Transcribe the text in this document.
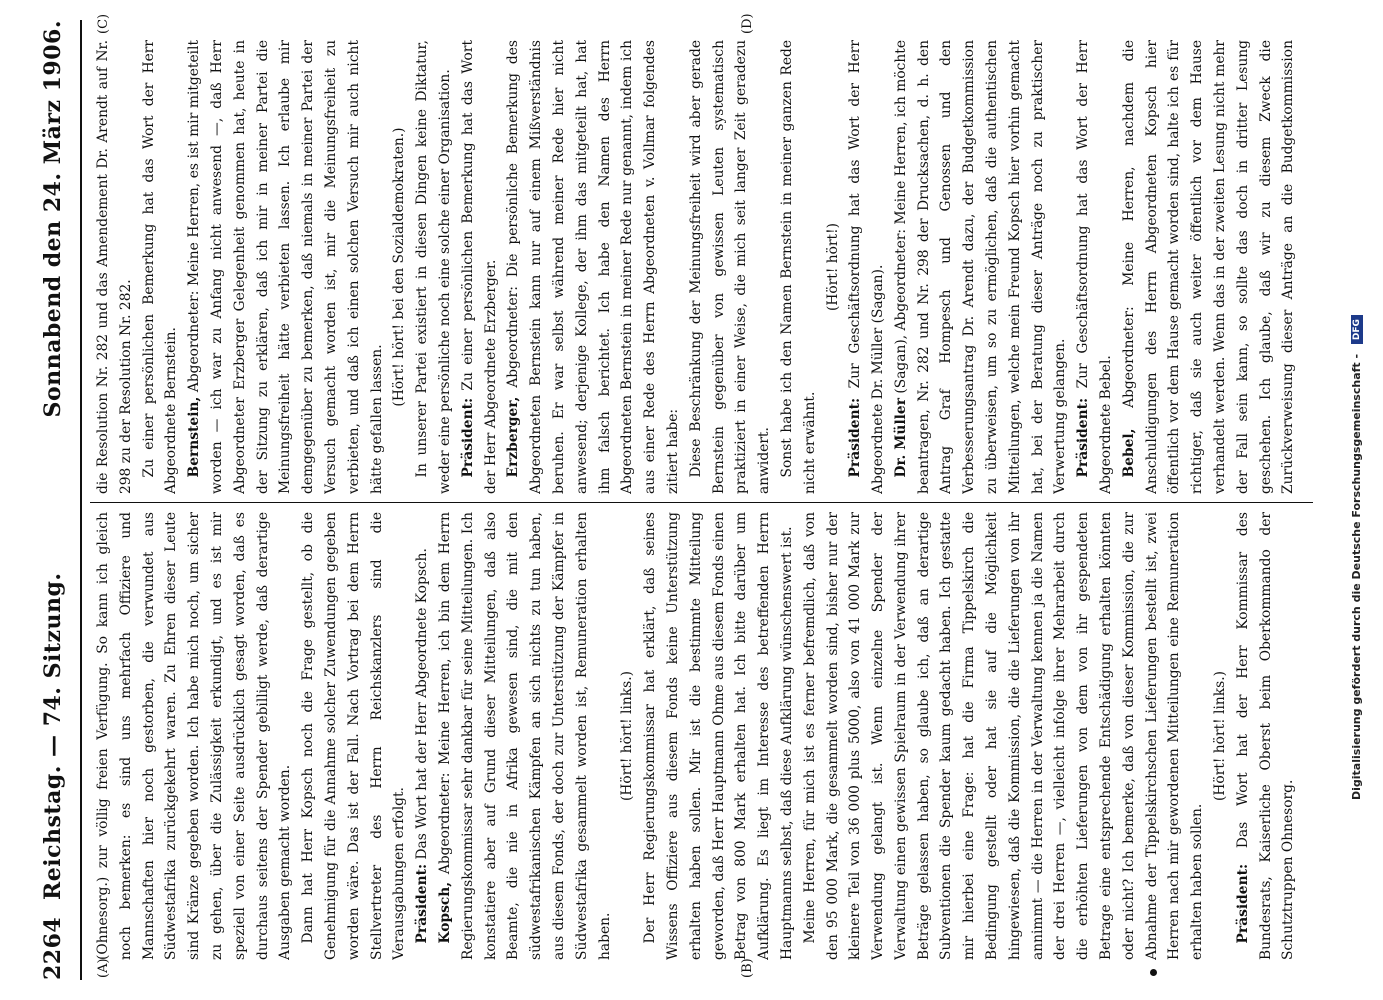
2264
Reichstag. — 74. Sitzung.
Sonnabend den 24. März 1906.
(A)	(B)
(C)	(D)

(Ohnesorg.) zur völlig freien Verfügung. So kann ich gleich noch bemerken: es sind uns mehrfach Offiziere und Mannschaften hier noch gestorben, die verwundet aus Südwestafrika zurückgekehrt waren. Zu Ehren dieser Leute sind Kränze gegeben worden. Ich habe mich noch, um sicher zu gehen, über die Zulässigkeit erkundigt, und es ist mir speziell von einer Seite ausdrücklich gesagt worden, daß es durchaus seitens der Spender gebilligt werde, daß derartige Ausgaben gemacht worden. Dann hat Herr Kopsch noch die Frage gestellt, ob die Genehmigung für die Annahme solcher Zuwendungen gegeben worden wäre. Das ist der Fall. Nach Vortrag bei dem Herrn Stellvertreter des Herrn Reichskanzlers sind die Verausgabungen erfolgt. Präsident: Das Wort hat der Herr Abgeordnete Kopsch.

Kopsch, Abgeordneter: Meine Herren, ich bin dem Herrn Regierungskommissar sehr dankbar für seine Mitteilungen. Ich konstatiere aber auf Grund dieser Mitteilungen, daß also Beamte, die nie in Afrika gewesen sind, die mit den südwestafrikanischen Kämpfen an sich nichts zu tun haben, aus diesem Fonds, der doch zur Unterstützung der Kämpfer in Südwestafrika gesammelt worden ist, Remuneration erhalten haben.

(Hört! hört! links.) Der Herr Regierungskommissar hat erklärt, daß seines Wissens Offiziere aus diesem Fonds keine Unterstützung erhalten haben sollen. Mir ist die bestimmte Mitteilung geworden, daß Herr Hauptmann Ohme aus diesem Fonds einen Betrag von 800 Mark erhalten hat. Ich bitte darüber um Aufklärung. Es liegt im Interesse des betreffenden Herrn Hauptmanns selbst, daß diese Aufklärung wünschenswert ist. Meine Herren, für mich ist es ferner befremdlich, daß von den 95 000 Mark, die gesammelt worden sind, bisher nur der kleinere Teil von 36 000 plus 5000, also von 41 000 Mark zur Verwendung gelangt ist. Wenn einzelne Spender der Verwaltung einen gewissen Spielraum in der Verwendung ihrer Beträge gelassen haben, so glaube ich, daß an derartige Subventionen die Spender kaum gedacht haben. Ich gestatte mir hierbei eine Frage: hat die Firma Tippelskirch die Bedingung gestellt oder hat sie auf die Möglichkeit hingewiesen, daß die Kommission, die die Lieferungen von ihr annimmt — die Herren in der Verwaltung kennen ja die Namen der drei Herren —, vielleicht infolge ihrer Mehrarbeit durch die erhöhten Lieferungen von dem von ihr gespendeten Betrage eine entsprechende Entschädigung erhalten könnten oder nicht? Ich bemerke, daß von dieser Kommission, die zur Abnahme der Tippelskirchschen Lieferungen bestellt ist, zwei Herren nach mir gewordenen Mitteilungen eine Remuneration erhalten haben sollen.

(Hört! hört! links.)

Präsident: Das Wort hat der Herr Kommissar des Bundesrats, Kaiserliche Oberst beim Oberkommando der Schutztruppen Ohnesorg.

die Resolution Nr. 282 und das Amendement Dr. Arendt auf Nr. 298 zu der Resolution Nr. 282. Zu einer persönlichen Bemerkung hat das Wort der Herr Abgeordnete Bernstein. Bernstein, Abgeordneter: Meine Herren, es ist mir mitgeteilt worden — ich war zu Anfang nicht anwesend —, daß Herr Abgeordneter Erzberger Gelegenheit genommen hat, heute in der Sitzung zu erklären, daß ich mir in meiner Partei die Meinungsfreiheit hätte verbieten lassen. Ich erlaube mir demgegenüber zu bemerken, daß niemals in meiner Partei der Versuch gemacht worden ist, mir die Meinungsfreiheit zu verbieten, und daß ich einen solchen Versuch mir auch nicht hätte gefallen lassen.

(Hört! hört! bei den Sozialdemokraten.) In unserer Partei existiert in diesen Dingen keine Diktatur, weder eine persönliche noch eine solche einer Organisation. Präsident: Zu einer persönlichen Bemerkung hat das Wort der Herr Abgeordnete Erzberger. Erzberger, Abgeordneter: Die persönliche Bemerkung des Abgeordneten Bernstein kann nur auf einem Mißverständnis beruhen. Er war selbst während meiner Rede hier nicht anwesend; derjenige Kollege, der ihm das mitgeteilt hat, hat ihm falsch berichtet. Ich habe den Namen des Herrn Abgeordneten Bernstein in meiner Rede nur genannt, indem ich aus einer Rede des Herrn Abgeordneten v. Vollmar folgendes zitiert habe: Diese Beschränkung der Meinungsfreiheit wird aber gerade Bernstein gegenüber von gewissen Leuten systematisch praktiziert in einer Weise, die mich seit langer Zeit geradezu anwidert. Sonst habe ich den Namen Bernstein in meiner ganzen Rede nicht erwähnt.

(Hört! hört!)

Präsident: Zur Geschäftsordnung hat das Wort der Herr Abgeordnete Dr. Müller (Sagan). Dr. Müller (Sagan), Abgeordneter: Meine Herren, ich möchte beantragen, Nr. 282 und Nr. 298 der Drucksachen, d. h. den Antrag Graf Hompesch und Genossen und den Verbesserungsantrag Dr. Arendt dazu, der Budgetkommission zu überweisen, um so zu ermöglichen, daß die authentischen Mitteilungen, welche mein Freund Kopsch hier vorhin gemacht hat, bei der Beratung dieser Anträge noch zu praktischer Verwertung gelangen. Präsident: Zur Geschäftsordnung hat das Wort der Herr Abgeordnete Bebel. Bebel, Abgeordneter: Meine Herren, nachdem die Anschuldigungen des Herrn Abgeordneten Kopsch hier öffentlich vor dem Hause gemacht worden sind, halte ich es für richtiger, daß sie auch weiter öffentlich vor dem Hause verhandelt werden. Wenn das in der zweiten Lesung nicht mehr der Fall sein kann, so sollte das doch in dritter Lesung geschehen. Ich glaube, daß wir zu diesem Zweck die Zurückverweisung dieser Anträge an die Budgetkommission

Digitalisierung gefördert durch die Deutsche Forschungsgemeinschaft - DFG
